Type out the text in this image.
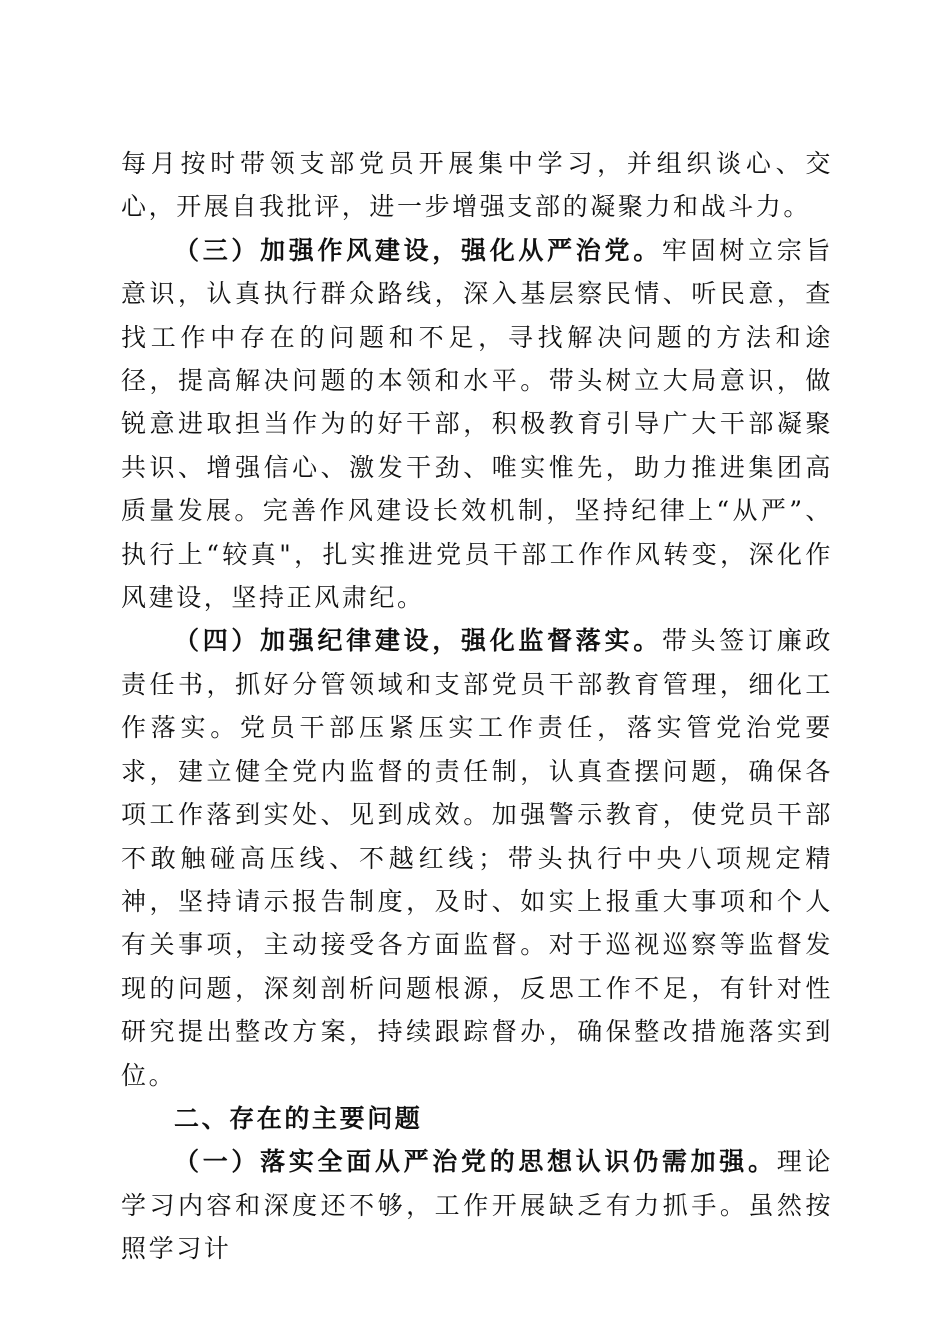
每月按时带领支部党员开展集中学习，并组织谈心、交心，开展自我批评，进一步增强支部的凝聚力和战斗力。

（三）加强作风建设，强化从严治党。牢固树立宗旨意识，认真执行群众路线，深入基层察民情、听民意，查找工作中存在的问题和不足，寻找解决问题的方法和途径，提高解决问题的本领和水平。带头树立大局意识，做锐意进取担当作为的好干部，积极教育引导广大干部凝聚共识、增强信心、激发干劲、唯实惟先，助力推进集团高质量发展。完善作风建设长效机制，坚持纪律上“从严”、执行上“较真"，扎实推进党员干部工作作风转变，深化作风建设，坚持正风肃纪。

（四）加强纪律建设，强化监督落实。带头签订廉政责任书，抓好分管领域和支部党员干部教育管理，细化工作落实。党员干部压紧压实工作责任，落实管党治党要求，建立健全党内监督的责任制，认真查摆问题，确保各项工作落到实处、见到成效。加强警示教育，使党员干部不敢触碰高压线、不越红线；带头执行中央八项规定精神，坚持请示报告制度，及时、如实上报重大事项和个人有关事项，主动接受各方面监督。对于巡视巡察等监督发现的问题，深刻剖析问题根源，反思工作不足，有针对性研究提出整改方案，持续跟踪督办，确保整改措施落实到位。

二、存在的主要问题

（一）落实全面从严治党的思想认识仍需加强。理论学习内容和深度还不够，工作开展缺乏有力抓手。虽然按照学习计
